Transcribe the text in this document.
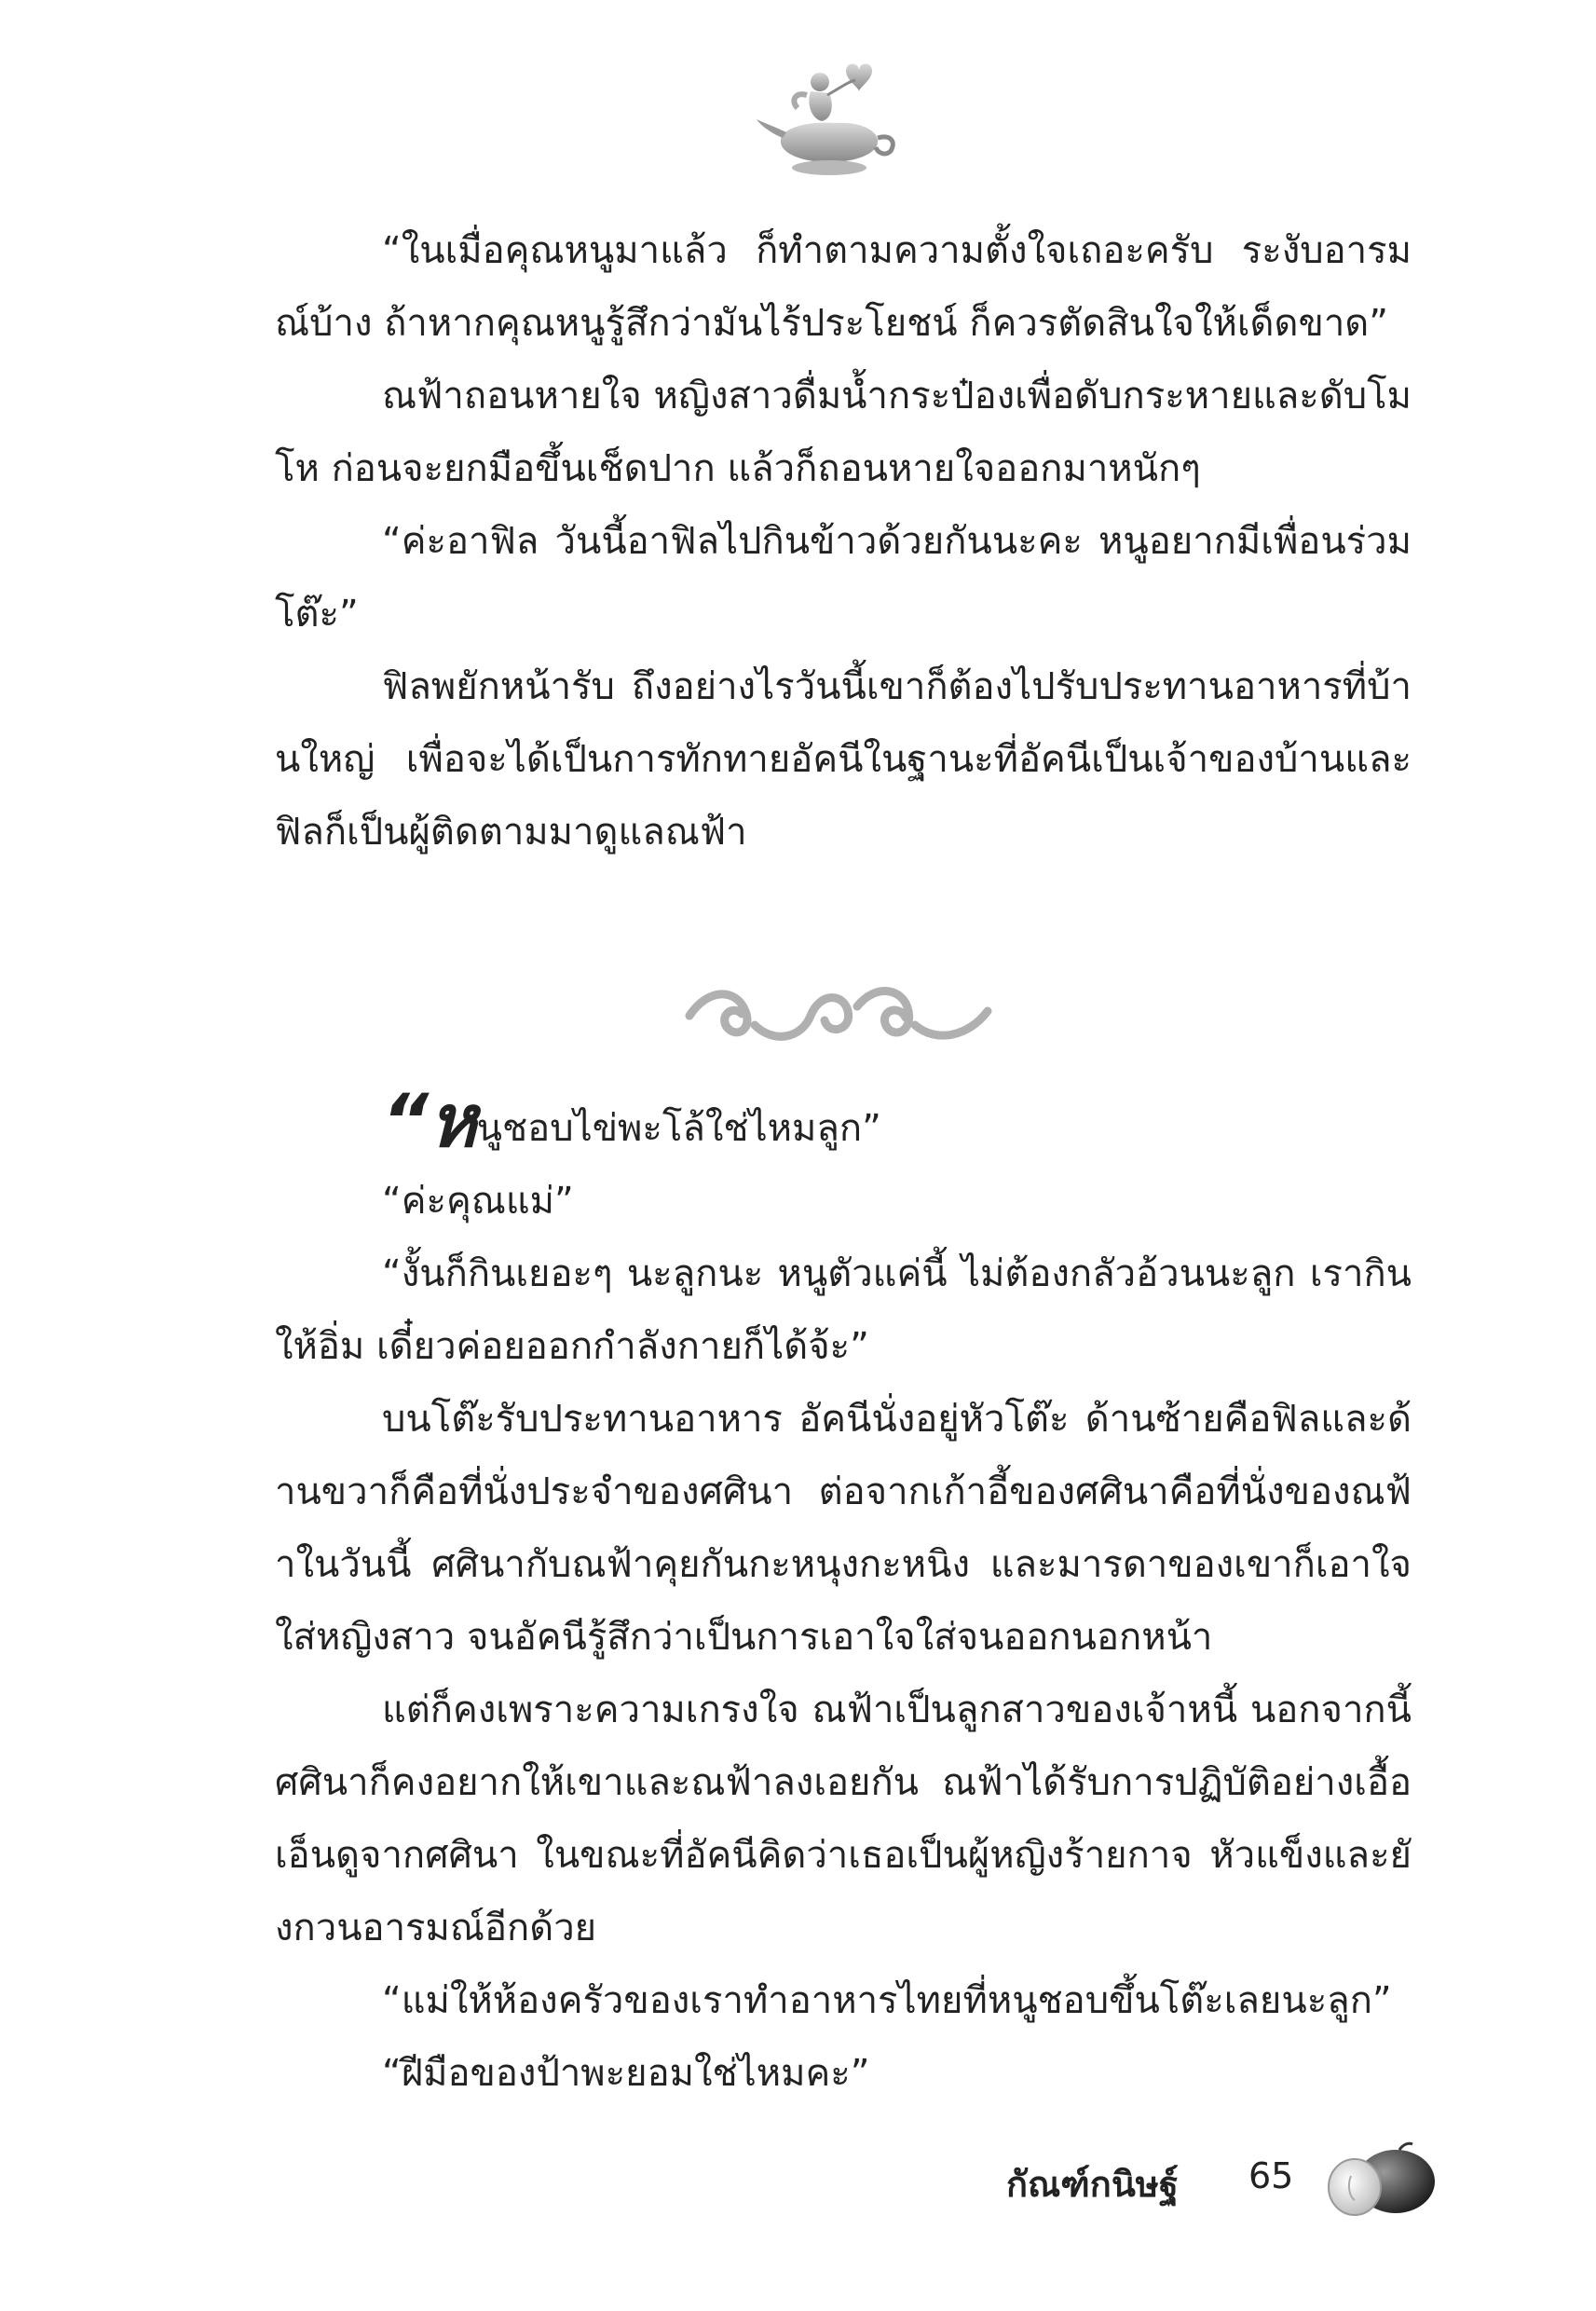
“ในเมื่อคุณหนูมาแล้ว ก็ทำตามความตั้งใจเถอะครับ ระงับอารมณ์บ้าง ถ้าหากคุณหนูรู้สึกว่ามันไร้ประโยชน์ ก็ควรตัดสินใจให้เด็ดขาด”

ณฟ้าถอนหายใจ หญิงสาวดื่มน้ำกระป๋องเพื่อดับกระหายและดับโมโห ก่อนจะยกมือขึ้นเช็ดปาก แล้วก็ถอนหายใจออกมาหนักๆ

“ค่ะอาฟิล วันนี้อาฟิลไปกินข้าวด้วยกันนะคะ หนูอยากมีเพื่อนร่วมโต๊ะ”

ฟิลพยักหน้ารับ ถึงอย่างไรวันนี้เขาก็ต้องไปรับประทานอาหารที่บ้านใหญ่ เพื่อจะได้เป็นการทักทายอัคนีในฐานะที่อัคนีเป็นเจ้าของบ้านและฟิลก็เป็นผู้ติดตามมาดูแลณฟ้า

“หนูชอบไข่พะโล้ใช่ไหมลูก”

“ค่ะคุณแม่”

“งั้นก็กินเยอะๆ นะลูกนะ หนูตัวแค่นี้ ไม่ต้องกลัวอ้วนนะลูก เรากินให้อิ่ม เดี๋ยวค่อยออกกำลังกายก็ได้จ้ะ”

บนโต๊ะรับประทานอาหาร อัคนีนั่งอยู่หัวโต๊ะ ด้านซ้ายคือฟิลและด้านขวาก็คือที่นั่งประจำของศศินา ต่อจากเก้าอี้ของศศินาคือที่นั่งของณฟ้าในวันนี้ ศศินากับณฟ้าคุยกันกะหนุงกะหนิง และมารดาของเขาก็เอาใจใส่หญิงสาว จนอัคนีรู้สึกว่าเป็นการเอาใจใส่จนออกนอกหน้า

แต่ก็คงเพราะความเกรงใจ ณฟ้าเป็นลูกสาวของเจ้าหนี้ นอกจากนี้ศศินาก็คงอยากให้เขาและณฟ้าลงเอยกัน ณฟ้าได้รับการปฏิบัติอย่างเอื้อเอ็นดูจากศศินา ในขณะที่อัคนีคิดว่าเธอเป็นผู้หญิงร้ายกาจ หัวแข็งและยังกวนอารมณ์อีกด้วย

“แม่ให้ห้องครัวของเราทำอาหารไทยที่หนูชอบขึ้นโต๊ะเลยนะลูก”

“ฝีมือของป้าพะยอมใช่ไหมคะ”

กัณฑ์กนิษฐ์ 65
